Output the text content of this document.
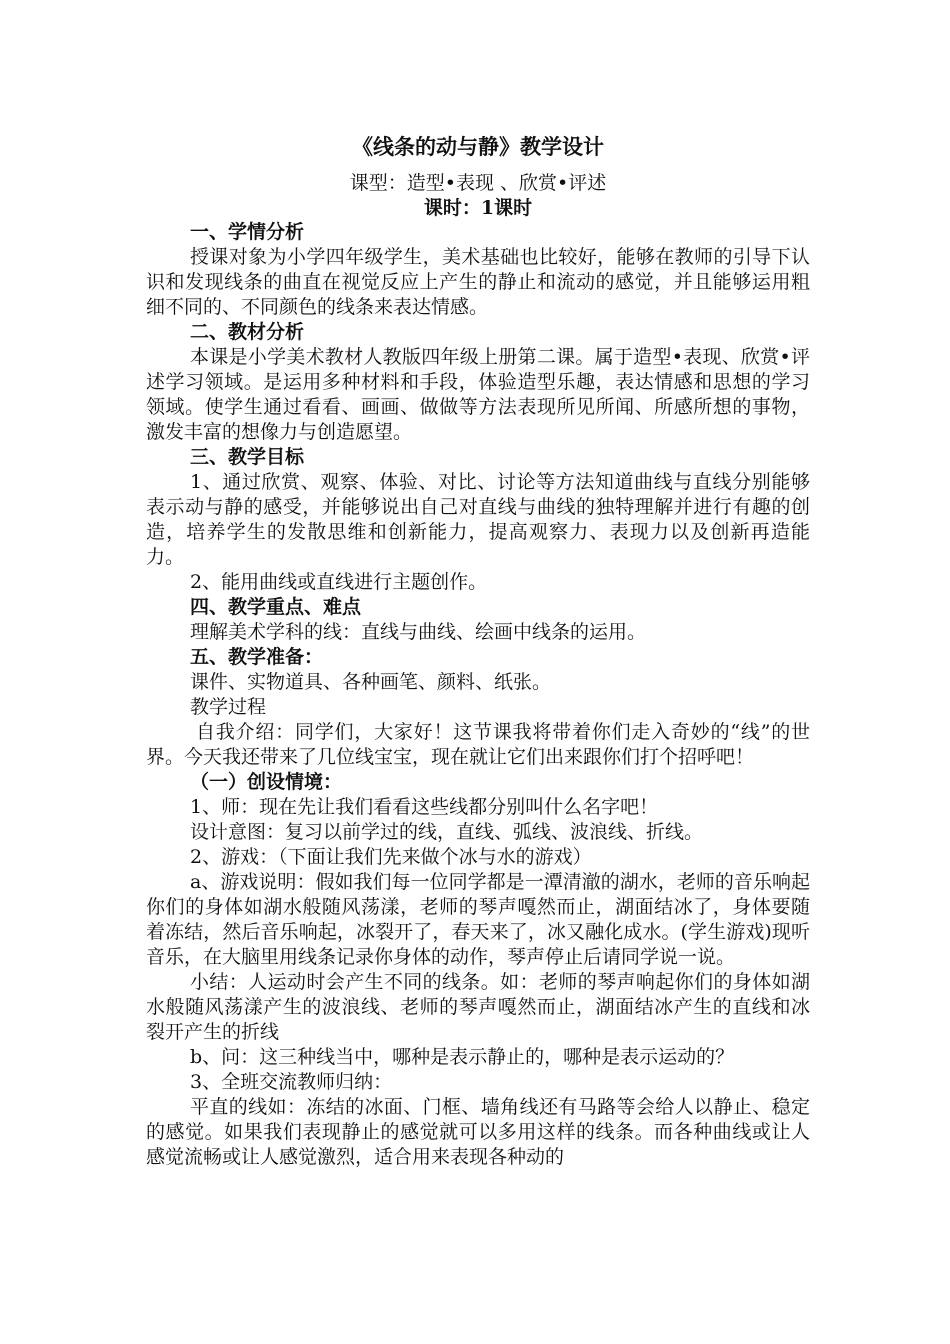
《线条的动与静》教学设计
课型：造型•表现 、欣赏•评述
课时：1课时
一、学情分析
授课对象为小学四年级学生，美术基础也比较好，能够在教师的引导下认识和发现线条的曲直在视觉反应上产生的静止和流动的感觉，并且能够运用粗细不同的、不同颜色的线条来表达情感。
二、教材分析
本课是小学美术教材人教版四年级上册第二课。属于造型•表现、欣赏•评述学习领域。是运用多种材料和手段，体验造型乐趣，表达情感和思想的学习领域。使学生通过看看、画画、做做等方法表现所见所闻、所感所想的事物，激发丰富的想像力与创造愿望。
三、教学目标
1、通过欣赏、观察、体验、对比、讨论等方法知道曲线与直线分别能够表示动与静的感受，并能够说出自己对直线与曲线的独特理解并进行有趣的创造，培养学生的发散思维和创新能力，提高观察力、表现力以及创新再造能力。
2、能用曲线或直线进行主题创作。
四、教学重点、难点
理解美术学科的线：直线与曲线、绘画中线条的运用。
五、教学准备：
课件、实物道具、各种画笔、颜料、纸张。
教学过程
自我介绍：同学们，大家好！这节课我将带着你们走入奇妙的“线”的世界。今天我还带来了几位线宝宝，现在就让它们出来跟你们打个招呼吧！
（一）创设情境：
1、师：现在先让我们看看这些线都分别叫什么名字吧！
设计意图：复习以前学过的线，直线、弧线、波浪线、折线。
2、游戏：（下面让我们先来做个冰与水的游戏）
a、游戏说明：假如我们每一位同学都是一潭清澈的湖水，老师的音乐响起你们的身体如湖水般随风荡漾，老师的琴声嘎然而止，湖面结冰了，身体要随着冻结，然后音乐响起，冰裂开了，春天来了，冰又融化成水。(学生游戏)现听音乐，在大脑里用线条记录你身体的动作，琴声停止后请同学说一说。
小结：人运动时会产生不同的线条。如：老师的琴声响起你们的身体如湖水般随风荡漾产生的波浪线、老师的琴声嘎然而止，湖面结冰产生的直线和冰裂开产生的折线
b、问：这三种线当中，哪种是表示静止的，哪种是表示运动的？
3、全班交流教师归纳：
平直的线如：冻结的冰面、门框、墙角线还有马路等会给人以静止、稳定的感觉。如果我们表现静止的感觉就可以多用这样的线条。而各种曲线或让人感觉流畅或让人感觉激烈，适合用来表现各种动的
